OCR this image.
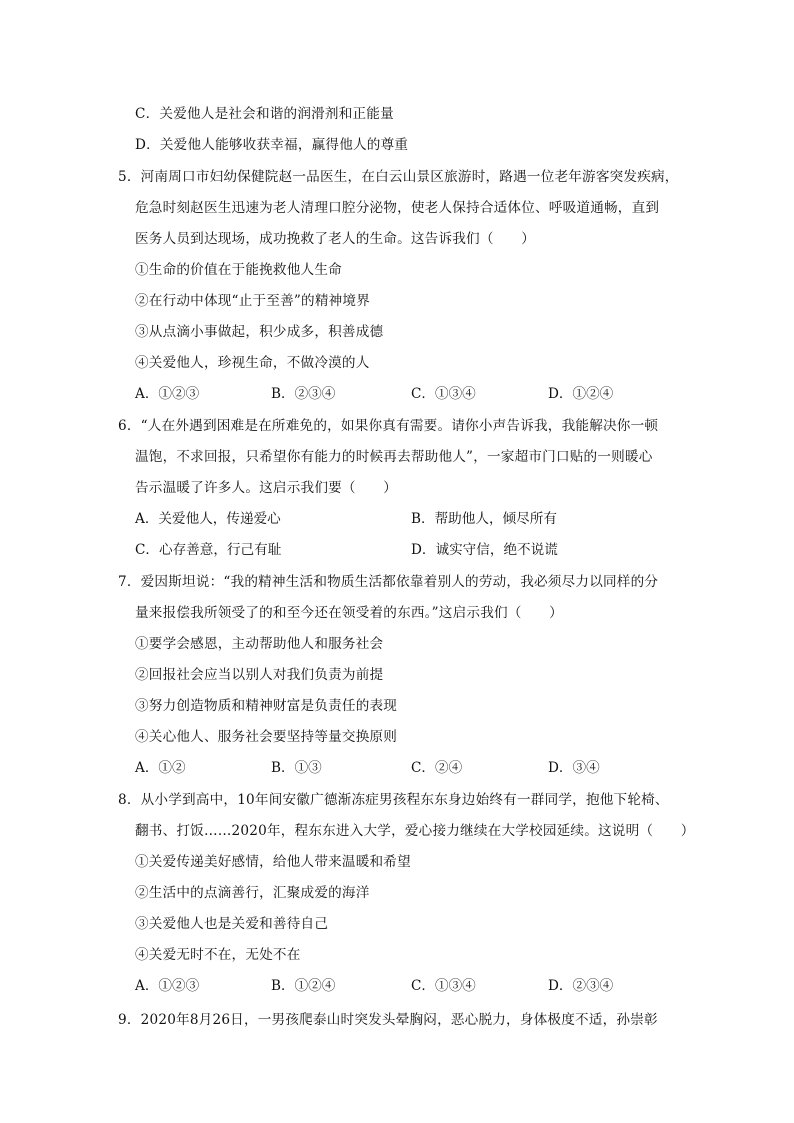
C．关爱他人是社会和谐的润滑剂和正能量
D．关爱他人能够收获幸福，赢得他人的尊重
5．河南周口市妇幼保健院赵一品医生，在白云山景区旅游时，路遇一位老年游客突发疾病，
危急时刻赵医生迅速为老人清理口腔分泌物，使老人保持合适体位、呼吸道通畅，直到
医务人员到达现场，成功挽救了老人的生命。这告诉我们（　　）
①生命的价值在于能挽救他人生命
②在行动中体现“止于至善”的精神境界
③从点滴小事做起，积少成多，积善成德
④关爱他人，珍视生命，不做冷漠的人
A．①②③	B．②③④	C．①③④	D．①②④
6．“人在外遇到困难是在所难免的，如果你真有需要。请你小声告诉我，我能解决你一顿
温饱，不求回报，只希望你有能力的时候再去帮助他人”，一家超市门口贴的一则暖心
告示温暖了许多人。这启示我们要（　　）
A．关爱他人，传递爱心	B．帮助他人，倾尽所有
C．心存善意，行己有耻	D．诚实守信，绝不说谎
7．爱因斯坦说：“我的精神生活和物质生活都依靠着别人的劳动，我必须尽力以同样的分
量来报偿我所领受了的和至今还在领受着的东西。”这启示我们（　　）
①要学会感恩，主动帮助他人和服务社会
②回报社会应当以别人对我们负责为前提
③努力创造物质和精神财富是负责任的表现
④关心他人、服务社会要坚持等量交换原则
A．①②	B．①③	C．②④	D．③④
8．从小学到高中，10年间安徽广德渐冻症男孩程东东身边始终有一群同学，抱他下轮椅、
翻书、打饭……2020年，程东东进入大学，爱心接力继续在大学校园延续。这说明（　　）
①关爱传递美好感情，给他人带来温暖和希望
②生活中的点滴善行，汇聚成爱的海洋
③关爱他人也是关爱和善待自己
④关爱无时不在，无处不在
A．①②③	B．①②④	C．①③④	D．②③④
9．2020年8月26日，一男孩爬泰山时突发头晕胸闷，恶心脱力，身体极度不适，孙崇彰
